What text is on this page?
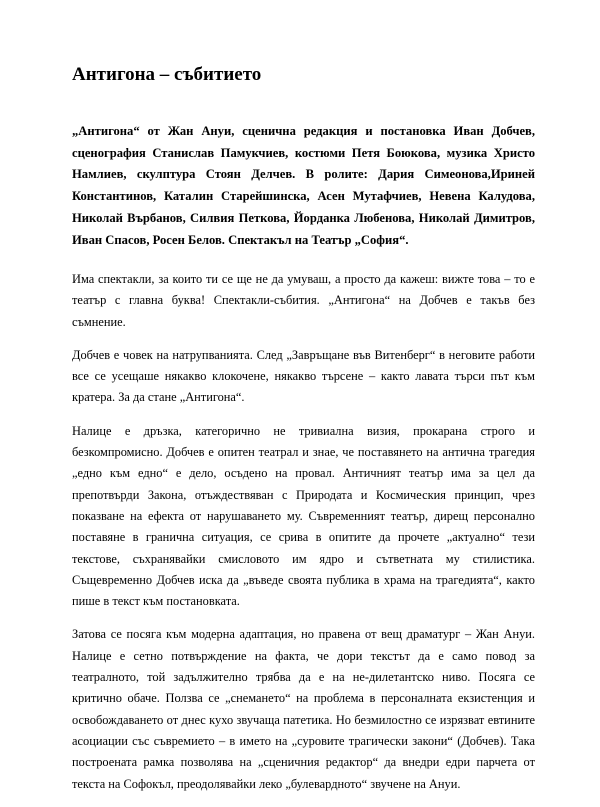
Антигона – събитието

„Антигона“ от Жан Ануи, сценична редакция и постановка Иван Добчев, сценография Станислав Памукчиев, костюми Петя Боюкова, музика Христо Намлиев, скулптура Стоян Делчев. В ролите: Дария Симеонова,Ириней Константинов, Каталин Старейшинска, Асен Мутафчиев, Невена Калудова, Николай Върбанов, Силвия Петкова, Йорданка Любенова, Николай Димитров, Иван Спасов, Росен Белов. Спектакъл на Театър „София“.

Има спектакли, за които ти се ще не да умуваш, а просто да кажеш: вижте това – то е театър с главна буква! Спектакли-събития. „Антигона“ на Добчев е такъв без съмнение.

Добчев е човек на натрупванията. След „Завръщане във Витенберг“ в неговите работи все се усещаше някакво клокочене, някакво търсене – както лавата търси път към кратера. За да стане „Антигона“.

Налице е дръзка, категорично не тривиална визия, прокарана строго и безкомпромисно. Добчев е опитен театрал и знае, че поставянето на антична трагедия „едно към едно“ е дело, осъдено на провал. Античният театър има за цел да препотвърди Закона, отъждествяван с Природата и Космическия принцип, чрез показване на ефекта от нарушаването му. Съвременният театър, дирещ персонално поставяне в гранична ситуация, се срива в опитите да прочете „актуално“ тези текстове, съхранявайки смисловото им ядро и сътветната му стилистика. Същевременно Добчев иска да „въведе своята публика в храма на трагедията“, както пише в текст към постановката.

Затова се посяга към модерна адаптация, но правена от вещ драматург – Жан Ануи. Налице е сетно потвърждение на факта, че дори текстът да е само повод за театралното, той задължително трябва да е на не-дилетантско ниво. Посяга се критично обаче. Ползва се „снемането“ на проблема в персоналната екзистенция и освобождаването от днес кухо звучаща патетика. Но безмилостно се изрязват евтините асоциации със съвремието – в името на „суровите трагически закони“ (Добчев). Така построената рамка позволява на „сценичния редактор“ да внедри едри парчета от текста на Софокъл, преодолявайки леко „булевардното“ звучене на Ануи.
